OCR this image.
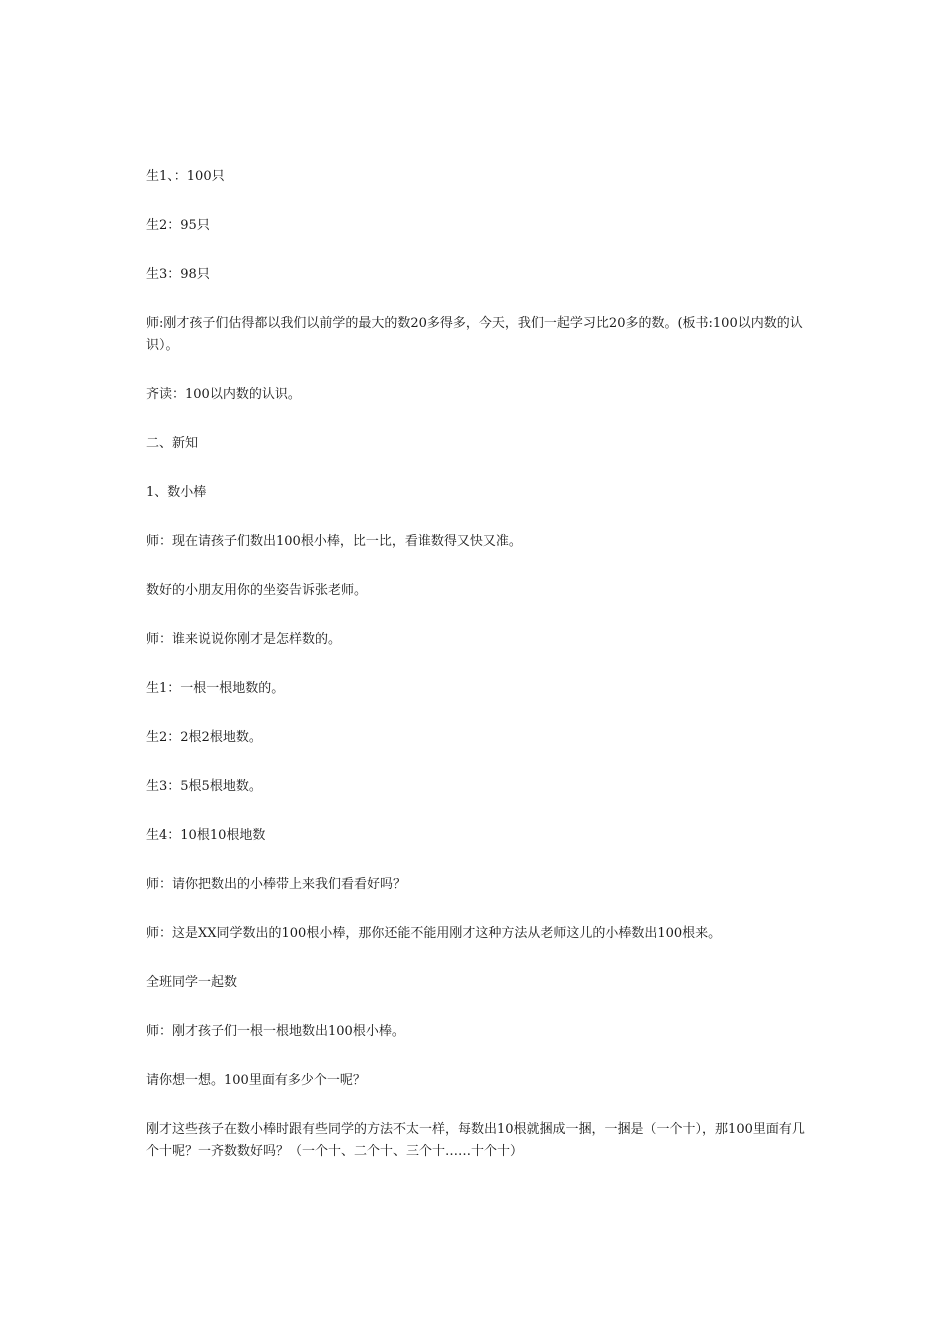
生1、：100只

生2：95只

生3：98只

师:刚才孩子们估得都以我们以前学的最大的数20多得多，今天，我们一起学习比20多的数。(板书:100以内数的认识）。

齐读：100以内数的认识。

二、新知

1、数小棒

师：现在请孩子们数出100根小棒，比一比，看谁数得又快又准。

数好的小朋友用你的坐姿告诉张老师。

师：谁来说说你刚才是怎样数的。

生1：一根一根地数的。

生2：2根2根地数。

生3：5根5根地数。

生4：10根10根地数

师：请你把数出的小棒带上来我们看看好吗？

师：这是XX同学数出的100根小棒，那你还能不能用刚才这种方法从老师这儿的小棒数出100根来。

全班同学一起数

师：刚才孩子们一根一根地数出100根小棒。

请你想一想。100里面有多少个一呢？

刚才这些孩子在数小棒时跟有些同学的方法不太一样，每数出10根就捆成一捆，一捆是（一个十），那100里面有几个十呢？一齐数数好吗？（一个十、二个十、三个十……十个十）
